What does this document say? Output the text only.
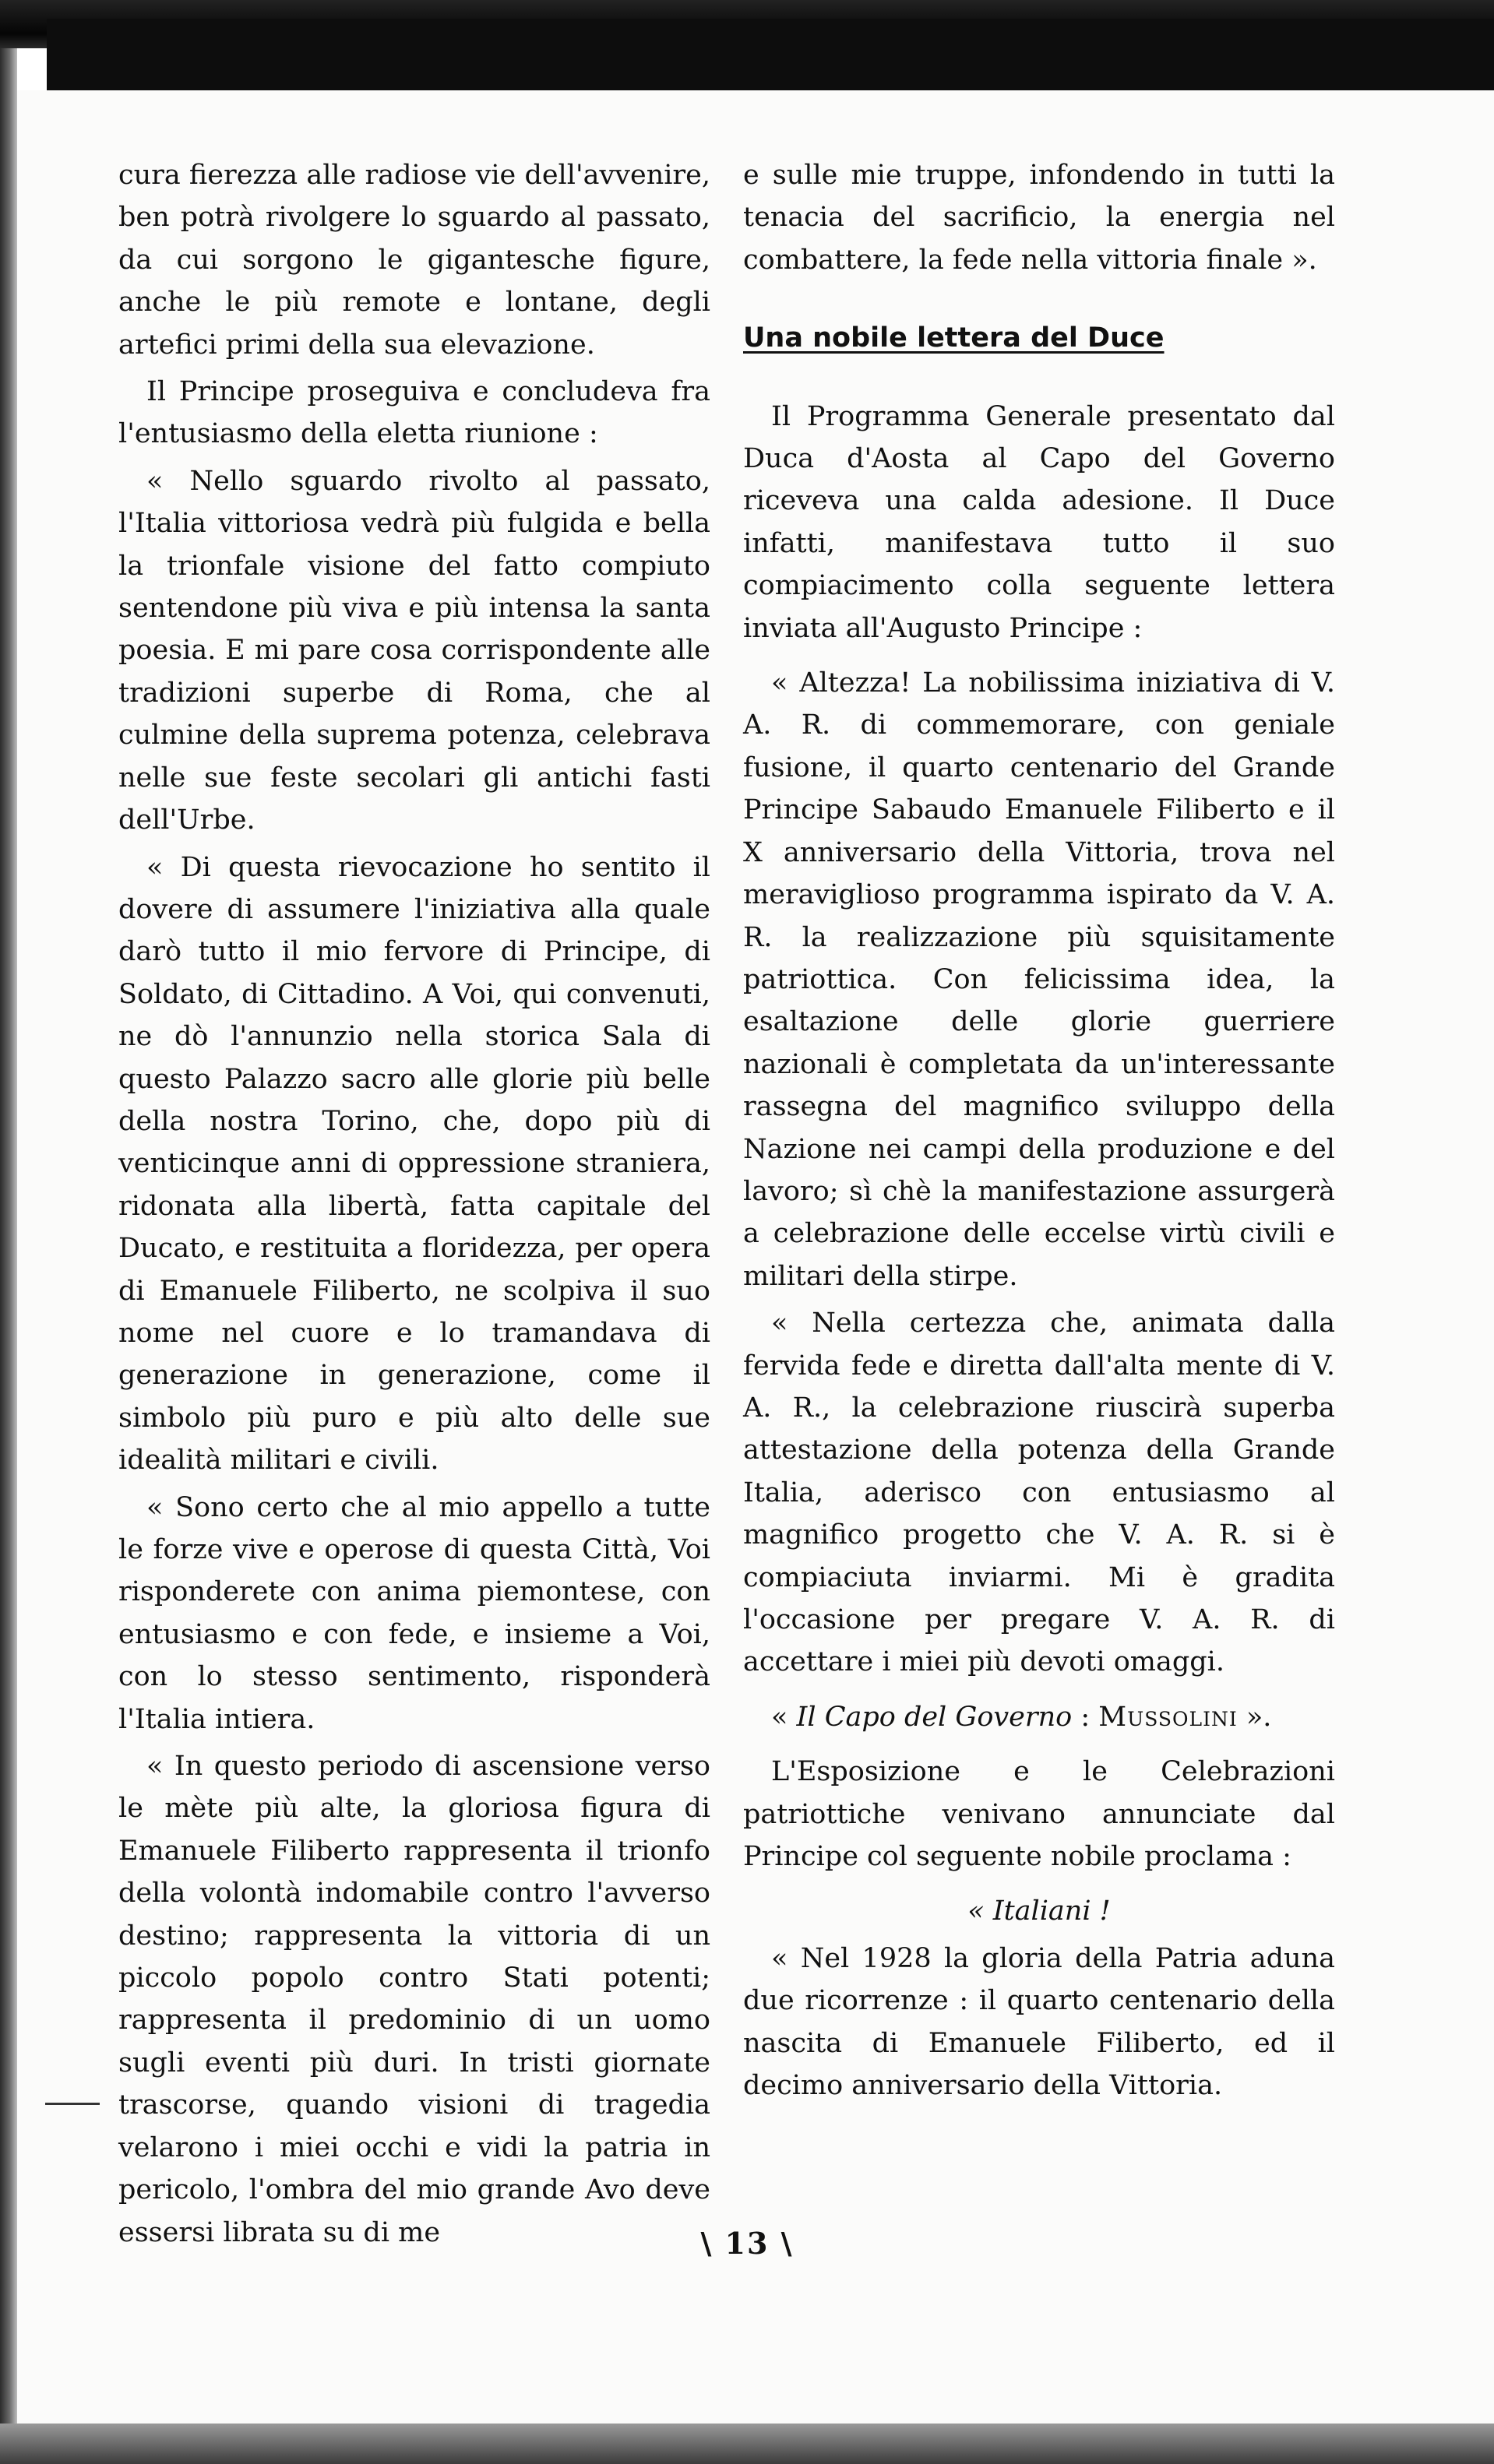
cura fierezza alle radiose vie dell'avvenire, ben potrà rivolgere lo sguardo al passato, da cui sorgono le gigantesche figure, anche le più remote e lontane, degli artefici primi della sua elevazione.

Il Principe proseguiva e concludeva fra l'entusiasmo della eletta riunione :

« Nello sguardo rivolto al passato, l'Italia vittoriosa vedrà più fulgida e bella la trionfale visione del fatto compiuto sentendone più viva e più intensa la santa poesia. E mi pare cosa corrispondente alle tradizioni superbe di Roma, che al culmine della suprema potenza, celebrava nelle sue feste secolari gli antichi fasti dell'Urbe.

« Di questa rievocazione ho sentito il dovere di assumere l'iniziativa alla quale darò tutto il mio fervore di Principe, di Soldato, di Cittadino. A Voi, qui convenuti, ne dò l'annunzio nella storica Sala di questo Palazzo sacro alle glorie più belle della nostra Torino, che, dopo più di venticinque anni di oppressione straniera, ridonata alla libertà, fatta capitale del Ducato, e restituita a floridezza, per opera di Emanuele Filiberto, ne scolpiva il suo nome nel cuore e lo tramandava di generazione in generazione, come il simbolo più puro e più alto delle sue idealità militari e civili.

« Sono certo che al mio appello a tutte le forze vive e operose di questa Città, Voi risponderete con anima piemontese, con entusiasmo e con fede, e insieme a Voi, con lo stesso sentimento, risponderà l'Italia intiera.

« In questo periodo di ascensione verso le mète più alte, la gloriosa figura di Emanuele Filiberto rappresenta il trionfo della volontà indomabile contro l'avverso destino; rappresenta la vittoria di un piccolo popolo contro Stati potenti; rappresenta il predominio di un uomo sugli eventi più duri. In tristi giornate trascorse, quando visioni di tragedia velarono i miei occhi e vidi la patria in pericolo, l'ombra del mio grande Avo deve essersi librata su di me

e sulle mie truppe, infondendo in tutti la tenacia del sacrificio, la energia nel combattere, la fede nella vittoria finale ».

Una nobile lettera del Duce

Il Programma Generale presentato dal Duca d'Aosta al Capo del Governo riceveva una calda adesione. Il Duce infatti, manifestava tutto il suo compiacimento colla seguente lettera inviata all'Augusto Principe :

« Altezza! La nobilissima iniziativa di V. A. R. di commemorare, con geniale fusione, il quarto centenario del Grande Principe Sabaudo Emanuele Filiberto e il X anniversario della Vittoria, trova nel meraviglioso programma ispirato da V. A. R. la realizzazione più squisitamente patriottica. Con felicissima idea, la esaltazione delle glorie guerriere nazionali è completata da un'interessante rassegna del magnifico sviluppo della Nazione nei campi della produzione e del lavoro; sì chè la manifestazione assurgerà a celebrazione delle eccelse virtù civili e militari della stirpe.

« Nella certezza che, animata dalla fervida fede e diretta dall'alta mente di V. A. R., la celebrazione riuscirà superba attestazione della potenza della Grande Italia, aderisco con entusiasmo al magnifico progetto che V. A. R. si è compiaciuta inviarmi. Mi è gradita l'occasione per pregare V. A. R. di accettare i miei più devoti omaggi.

« Il Capo del Governo : Mussolini ».

L'Esposizione e le Celebrazioni patriottiche venivano annunciate dal Principe col seguente nobile proclama :

« Italiani !

« Nel 1928 la gloria della Patria aduna due ricorrenze : il quarto centenario della nascita di Emanuele Filiberto, ed il decimo anniversario della Vittoria.

\ 13 \
